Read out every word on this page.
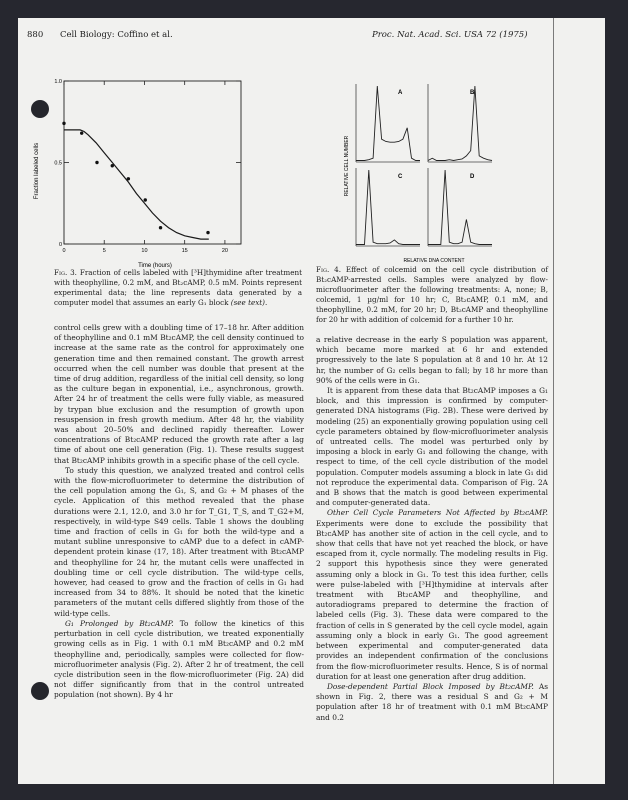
880 Cell Biology: Coffino et al.	Proc. Nat. Acad. Sci. USA 72 (1975)
0	5	10	15	20
0
0.5
1.0
Time (hours)
Fraction labeled cells
Fig. 3. Fraction of cells labeled with [³H]thymidine after treatment with theophylline, 0.2 mM, and Bt₂cAMP, 0.5 mM. Points represent experimental data; the line represents data generated by a computer model that assumes an early G₁ block (see text).
A	B
C	D
RELATIVE DNA CONTENT
RELATIVE CELL NUMBER
Fig. 4. Effect of colcemid on the cell cycle distribution of Bt₂cAMP-arrested cells. Samples were analyzed by flow-microfluorimeter after the following treatments: A, none; B, colcemid, 1 µg/ml for 10 hr; C, Bt₂cAMP, 0.1 mM, and theophylline, 0.2 mM, for 20 hr; D, Bt₂cAMP and theophylline for 20 hr with addition of colcemid for a further 10 hr.

control cells grew with a doubling time of 17–18 hr. After addition of theophylline and 0.1 mM Bt₂cAMP, the cell density continued to increase at the same rate as the control for approximately one generation time and then remained constant. The growth arrest occurred when the cell number was double that present at the time of drug addition, regardless of the initial cell density, so long as the culture began in exponential, i.e., asynchronous, growth. After 24 hr of treatment the cells were fully viable, as measured by trypan blue exclusion and the resumption of growth upon resuspension in fresh growth medium. After 48 hr, the viability was about 20–50% and declined rapidly thereafter. Lower concentrations of Bt₂cAMP reduced the growth rate after a lag time of about one cell generation (Fig. 1). These results suggest that Bt₂cAMP inhibits growth in a specific phase of the cell cycle.

To study this question, we analyzed treated and control cells with the flow-microfluorimeter to determine the distribution of the cell population among the G₁, S, and G₂ + M phases of the cycle. Application of this method revealed that the phase durations were 2.1, 12.0, and 3.0 hr for T_G1, T_S, and T_G2+M, respectively, in wild-type S49 cells. Table 1 shows the doubling time and fraction of cells in G₁ for both the wild-type and a mutant subline unresponsive to cAMP due to a defect in cAMP-dependent protein kinase (17, 18). After treatment with Bt₂cAMP and theophylline for 24 hr, the mutant cells were unaffected in doubling time or cell cycle distribution. The wild-type cells, however, had ceased to grow and the fraction of cells in G₁ had increased from 34 to 88%. It should be noted that the kinetic parameters of the mutant cells differed slightly from those of the wild-type cells.

G₁ Prolonged by Bt₂cAMP. To follow the kinetics of this perturbation in cell cycle distribution, we treated exponentially growing cells as in Fig. 1 with 0.1 mM Bt₂cAMP and 0.2 mM theophylline and, periodically, samples were collected for flow-microfluorimeter analysis (Fig. 2). After 2 hr of treatment, the cell cycle distribution seen in the flow-microfluorimeter (Fig. 2A) did not differ significantly from that in the control untreated population (not shown). By 4 hr

a relative decrease in the early S population was apparent, which became more marked at 6 hr and extended progressively to the late S population at 8 and 10 hr. At 12 hr, the number of G₂ cells began to fall; by 18 hr more than 90% of the cells were in G₁.

It is apparent from these data that Bt₂cAMP imposes a G₁ block, and this impression is confirmed by computer-generated DNA histograms (Fig. 2B). These were derived by modeling (25) an exponentially growing population using cell cycle parameters obtained by flow-microfluorimeter analysis of untreated cells. The model was perturbed only by imposing a block in early G₁ and following the change, with respect to time, of the cell cycle distribution of the model population. Computer models assuming a block in late G₁ did not reproduce the experimental data. Comparison of Fig. 2A and B shows that the match is good between experimental and computer-generated data.

Other Cell Cycle Parameters Not Affected by Bt₂cAMP. Experiments were done to exclude the possibility that Bt₂cAMP has another site of action in the cell cycle, and to show that cells that have not yet reached the block, or have escaped from it, cycle normally. The modeling results in Fig. 2 support this hypothesis since they were generated assuming only a block in G₁. To test this idea further, cells were pulse-labeled with [³H]thymidine at intervals after treatment with Bt₂cAMP and theophylline, and autoradiograms prepared to determine the fraction of labeled cells (Fig. 3). These data were compared to the fraction of cells in S generated by the cell cycle model, again assuming only a block in early G₁. The good agreement between experimental and computer-generated data provides an independent confirmation of the conclusions from the flow-microfluorimeter results. Hence, S is of normal duration for at least one generation after drug addition.

Dose-dependent Partial Block Imposed by Bt₂cAMP. As shown in Fig. 2, there was a residual S and G₂ + M population after 18 hr of treatment with 0.1 mM Bt₂cAMP and 0.2
